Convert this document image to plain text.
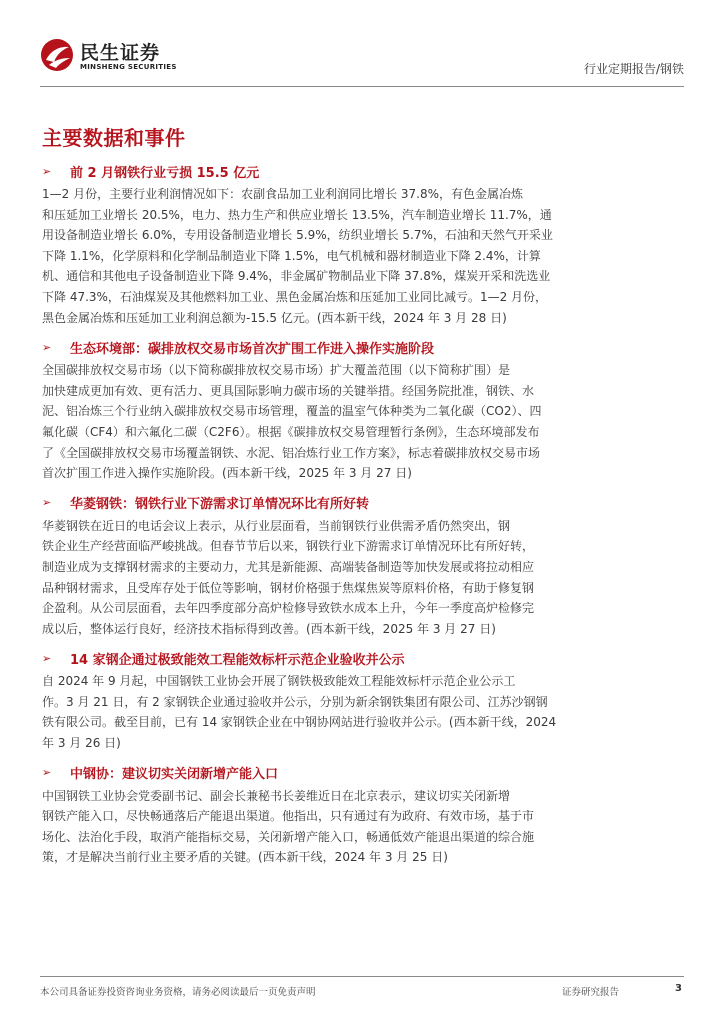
民生证券
MINSHENG SECURITIES	行业定期报告/钢铁
主要数据和事件
➢	前 2 月钢铁行业亏损 15.5 亿元
1—2 月份，主要行业利润情况如下：农副食品加工业利润同比增长 37.8%，有色金属冶炼
和压延加工业增长 20.5%，电力、热力生产和供应业增长 13.5%，汽车制造业增长 11.7%，通
用设备制造业增长 6.0%，专用设备制造业增长 5.9%，纺织业增长 5.7%，石油和天然气开采业
下降 1.1%，化学原料和化学制品制造业下降 1.5%，电气机械和器材制造业下降 2.4%，计算
机、通信和其他电子设备制造业下降 9.4%，非金属矿物制品业下降 37.8%，煤炭开采和洗选业
下降 47.3%，石油煤炭及其他燃料加工业、黑色金属冶炼和压延加工业同比减亏。1—2 月份，
黑色金属冶炼和压延加工业利润总额为-15.5 亿元。(西本新干线，2024 年 3 月 28 日)
➢	生态环境部：碳排放权交易市场首次扩围工作进入操作实施阶段
全国碳排放权交易市场（以下简称碳排放权交易市场）扩大覆盖范围（以下简称扩围）是
加快建成更加有效、更有活力、更具国际影响力碳市场的关键举措。经国务院批准，钢铁、水
泥、铝冶炼三个行业纳入碳排放权交易市场管理，覆盖的温室气体种类为二氧化碳（CO2）、四
氟化碳（CF4）和六氟化二碳（C2F6）。根据《碳排放权交易管理暂行条例》，生态环境部发布
了《全国碳排放权交易市场覆盖钢铁、水泥、铝冶炼行业工作方案》，标志着碳排放权交易市场
首次扩围工作进入操作实施阶段。(西本新干线，2025 年 3 月 27 日)
➢	华菱钢铁：钢铁行业下游需求订单情况环比有所好转
华菱钢铁在近日的电话会议上表示，从行业层面看，当前钢铁行业供需矛盾仍然突出，钢
铁企业生产经营面临严峻挑战。但春节节后以来，钢铁行业下游需求订单情况环比有所好转，
制造业成为支撑钢材需求的主要动力，尤其是新能源、高端装备制造等加快发展或将拉动相应
品种钢材需求，且受库存处于低位等影响，钢材价格强于焦煤焦炭等原料价格，有助于修复钢
企盈利。从公司层面看，去年四季度部分高炉检修导致铁水成本上升，今年一季度高炉检修完
成以后，整体运行良好，经济技术指标得到改善。(西本新干线，2025 年 3 月 27 日)
➢	14 家钢企通过极致能效工程能效标杆示范企业验收并公示
自 2024 年 9 月起，中国钢铁工业协会开展了钢铁极致能效工程能效标杆示范企业公示工
作。3 月 21 日，有 2 家钢铁企业通过验收并公示，分别为新余钢铁集团有限公司、江苏沙钢钢
铁有限公司。截至目前，已有 14 家钢铁企业在中钢协网站进行验收并公示。(西本新干线，2024
年 3 月 26 日)
➢	中钢协：建议切实关闭新增产能入口
中国钢铁工业协会党委副书记、副会长兼秘书长姜维近日在北京表示，建议切实关闭新增
钢铁产能入口，尽快畅通落后产能退出渠道。他指出，只有通过有为政府、有效市场，基于市
场化、法治化手段，取消产能指标交易，关闭新增产能入口，畅通低效产能退出渠道的综合施
策，才是解决当前行业主要矛盾的关键。(西本新干线，2024 年 3 月 25 日)
本公司具备证券投资咨询业务资格，请务必阅读最后一页免责声明	证券研究报告	3
